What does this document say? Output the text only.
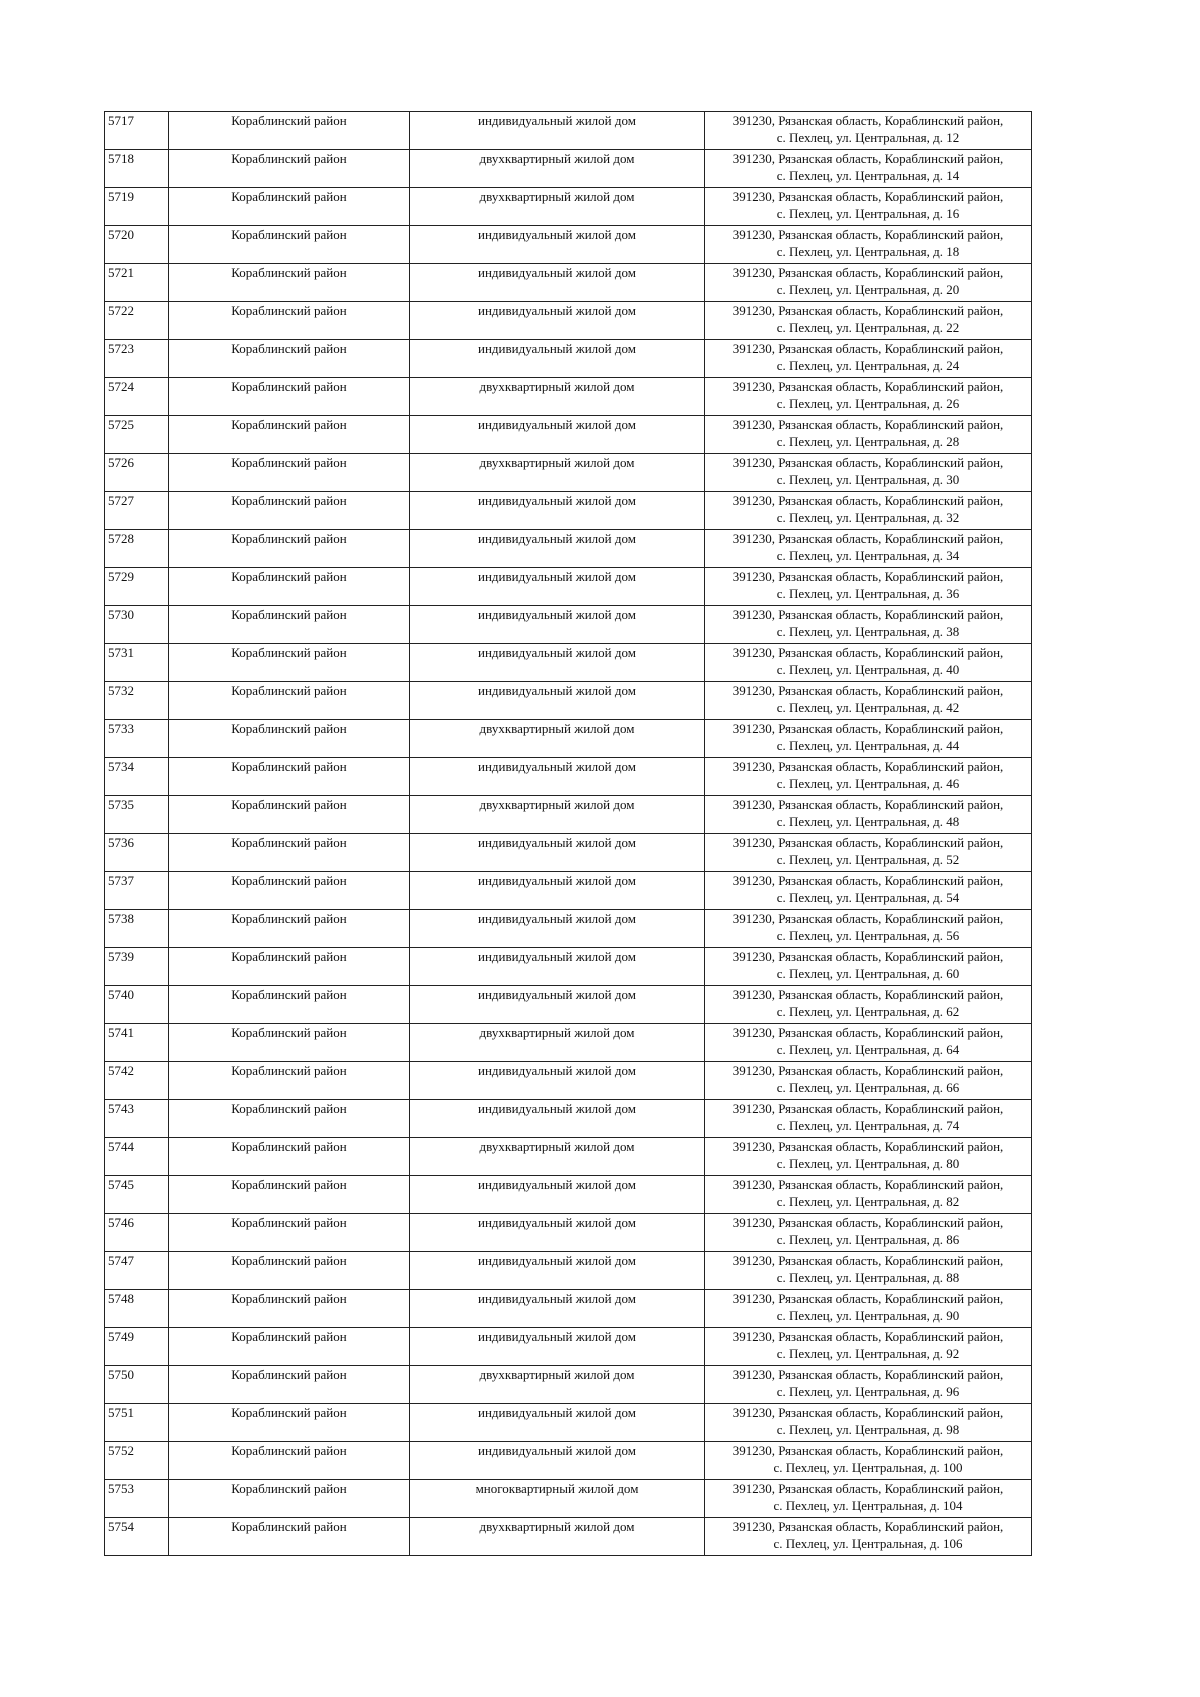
5717	Кораблинский район	индивидуальный жилой дом	391230, Рязанская область, Кораблинский район,
с. Пехлец, ул. Центральная, д. 12

5718	Кораблинский район	двухквартирный жилой дом	391230, Рязанская область, Кораблинский район,
с. Пехлец, ул. Центральная, д. 14

5719	Кораблинский район	двухквартирный жилой дом	391230, Рязанская область, Кораблинский район,
с. Пехлец, ул. Центральная, д. 16

5720	Кораблинский район	индивидуальный жилой дом	391230, Рязанская область, Кораблинский район,
с. Пехлец, ул. Центральная, д. 18

5721	Кораблинский район	индивидуальный жилой дом	391230, Рязанская область, Кораблинский район,
с. Пехлец, ул. Центральная, д. 20

5722	Кораблинский район	индивидуальный жилой дом	391230, Рязанская область, Кораблинский район,
с. Пехлец, ул. Центральная, д. 22

5723	Кораблинский район	индивидуальный жилой дом	391230, Рязанская область, Кораблинский район,
с. Пехлец, ул. Центральная, д. 24

5724	Кораблинский район	двухквартирный жилой дом	391230, Рязанская область, Кораблинский район,
с. Пехлец, ул. Центральная, д. 26

5725	Кораблинский район	индивидуальный жилой дом	391230, Рязанская область, Кораблинский район,
с. Пехлец, ул. Центральная, д. 28

5726	Кораблинский район	двухквартирный жилой дом	391230, Рязанская область, Кораблинский район,
с. Пехлец, ул. Центральная, д. 30

5727	Кораблинский район	индивидуальный жилой дом	391230, Рязанская область, Кораблинский район,
с. Пехлец, ул. Центральная, д. 32

5728	Кораблинский район	индивидуальный жилой дом	391230, Рязанская область, Кораблинский район,
с. Пехлец, ул. Центральная, д. 34

5729	Кораблинский район	индивидуальный жилой дом	391230, Рязанская область, Кораблинский район,
с. Пехлец, ул. Центральная, д. 36

5730	Кораблинский район	индивидуальный жилой дом	391230, Рязанская область, Кораблинский район,
с. Пехлец, ул. Центральная, д. 38

5731	Кораблинский район	индивидуальный жилой дом	391230, Рязанская область, Кораблинский район,
с. Пехлец, ул. Центральная, д. 40

5732	Кораблинский район	индивидуальный жилой дом	391230, Рязанская область, Кораблинский район,
с. Пехлец, ул. Центральная, д. 42

5733	Кораблинский район	двухквартирный жилой дом	391230, Рязанская область, Кораблинский район,
с. Пехлец, ул. Центральная, д. 44

5734	Кораблинский район	индивидуальный жилой дом	391230, Рязанская область, Кораблинский район,
с. Пехлец, ул. Центральная, д. 46

5735	Кораблинский район	двухквартирный жилой дом	391230, Рязанская область, Кораблинский район,
с. Пехлец, ул. Центральная, д. 48

5736	Кораблинский район	индивидуальный жилой дом	391230, Рязанская область, Кораблинский район,
с. Пехлец, ул. Центральная, д. 52

5737	Кораблинский район	индивидуальный жилой дом	391230, Рязанская область, Кораблинский район,
с. Пехлец, ул. Центральная, д. 54

5738	Кораблинский район	индивидуальный жилой дом	391230, Рязанская область, Кораблинский район,
с. Пехлец, ул. Центральная, д. 56

5739	Кораблинский район	индивидуальный жилой дом	391230, Рязанская область, Кораблинский район,
с. Пехлец, ул. Центральная, д. 60

5740	Кораблинский район	индивидуальный жилой дом	391230, Рязанская область, Кораблинский район,
с. Пехлец, ул. Центральная, д. 62

5741	Кораблинский район	двухквартирный жилой дом	391230, Рязанская область, Кораблинский район,
с. Пехлец, ул. Центральная, д. 64

5742	Кораблинский район	индивидуальный жилой дом	391230, Рязанская область, Кораблинский район,
с. Пехлец, ул. Центральная, д. 66

5743	Кораблинский район	индивидуальный жилой дом	391230, Рязанская область, Кораблинский район,
с. Пехлец, ул. Центральная, д. 74

5744	Кораблинский район	двухквартирный жилой дом	391230, Рязанская область, Кораблинский район,
с. Пехлец, ул. Центральная, д. 80

5745	Кораблинский район	индивидуальный жилой дом	391230, Рязанская область, Кораблинский район,
с. Пехлец, ул. Центральная, д. 82

5746	Кораблинский район	индивидуальный жилой дом	391230, Рязанская область, Кораблинский район,
с. Пехлец, ул. Центральная, д. 86

5747	Кораблинский район	индивидуальный жилой дом	391230, Рязанская область, Кораблинский район,
с. Пехлец, ул. Центральная, д. 88

5748	Кораблинский район	индивидуальный жилой дом	391230, Рязанская область, Кораблинский район,
с. Пехлец, ул. Центральная, д. 90

5749	Кораблинский район	индивидуальный жилой дом	391230, Рязанская область, Кораблинский район,
с. Пехлец, ул. Центральная, д. 92

5750	Кораблинский район	двухквартирный жилой дом	391230, Рязанская область, Кораблинский район,
с. Пехлец, ул. Центральная, д. 96

5751	Кораблинский район	индивидуальный жилой дом	391230, Рязанская область, Кораблинский район,
с. Пехлец, ул. Центральная, д. 98

5752	Кораблинский район	индивидуальный жилой дом	391230, Рязанская область, Кораблинский район,
с. Пехлец, ул. Центральная, д. 100

5753	Кораблинский район	многоквартирный жилой дом	391230, Рязанская область, Кораблинский район,
с. Пехлец, ул. Центральная, д. 104

5754	Кораблинский район	двухквартирный жилой дом	391230, Рязанская область, Кораблинский район,
с. Пехлец, ул. Центральная, д. 106
